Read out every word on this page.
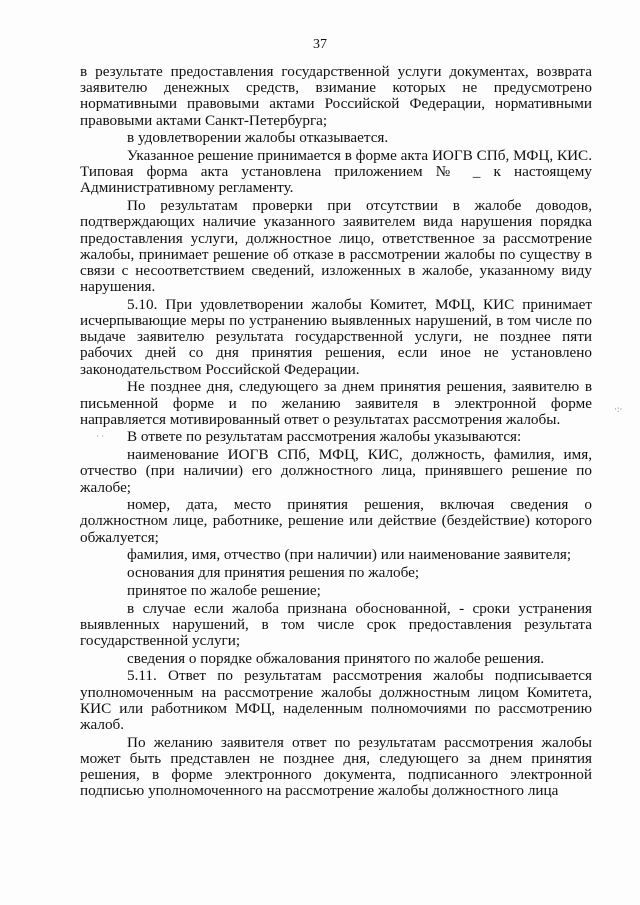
37

в результате предоставления государственной услуги документах, возврата заявителю денежных средств, взимание которых не предусмотрено нормативными правовыми актами Российской Федерации, нормативными правовыми актами Санкт-Петербурга;

в удовлетворении жалобы отказывается.

Указанное решение принимается в форме акта ИОГВ СПб, МФЦ, КИС. Типовая форма акта установлена приложением № _ к настоящему Административному регламенту.

По результатам проверки при отсутствии в жалобе доводов, подтверждающих наличие указанного заявителем вида нарушения порядка предоставления услуги, должностное лицо, ответственное за рассмотрение жалобы, принимает решение об отказе в рассмотрении жалобы по существу в связи с несоответствием сведений, изложенных в жалобе, указанному виду нарушения.

5.10. При удовлетворении жалобы Комитет, МФЦ, КИС принимает исчерпывающие меры по устранению выявленных нарушений, в том числе по выдаче заявителю результата государственной услуги, не позднее пяти рабочих дней со дня принятия решения, если иное не установлено законодательством Российской Федерации.

Не позднее дня, следующего за днем принятия решения, заявителю в письменной форме и по желанию заявителя в электронной форме направляется мотивированный ответ о результатах рассмотрения жалобы.

В ответе по результатам рассмотрения жалобы указываются:

наименование ИОГВ СПб, МФЦ, КИС, должность, фамилия, имя, отчество (при наличии) его должностного лица, принявшего решение по жалобе;

номер, дата, место принятия решения, включая сведения о должностном лице, работнике, решение или действие (бездействие) которого обжалуется;

фамилия, имя, отчество (при наличии) или наименование заявителя;

основания для принятия решения по жалобе;

принятое по жалобе решение;

в случае если жалоба признана обоснованной, - сроки устранения выявленных нарушений, в том числе срок предоставления результата государственной услуги;

сведения о порядке обжалования принятого по жалобе решения.

5.11. Ответ по результатам рассмотрения жалобы подписывается уполномоченным на рассмотрение жалобы должностным лицом Комитета, КИС или работником МФЦ, наделенным полномочиями по рассмотрению жалоб.

По желанию заявителя ответ по результатам рассмотрения жалобы может быть представлен не позднее дня, следующего за днем принятия решения, в форме электронного документа, подписанного электронной подписью уполномоченного на рассмотрение жалобы должностного лица

· ·
·:·
